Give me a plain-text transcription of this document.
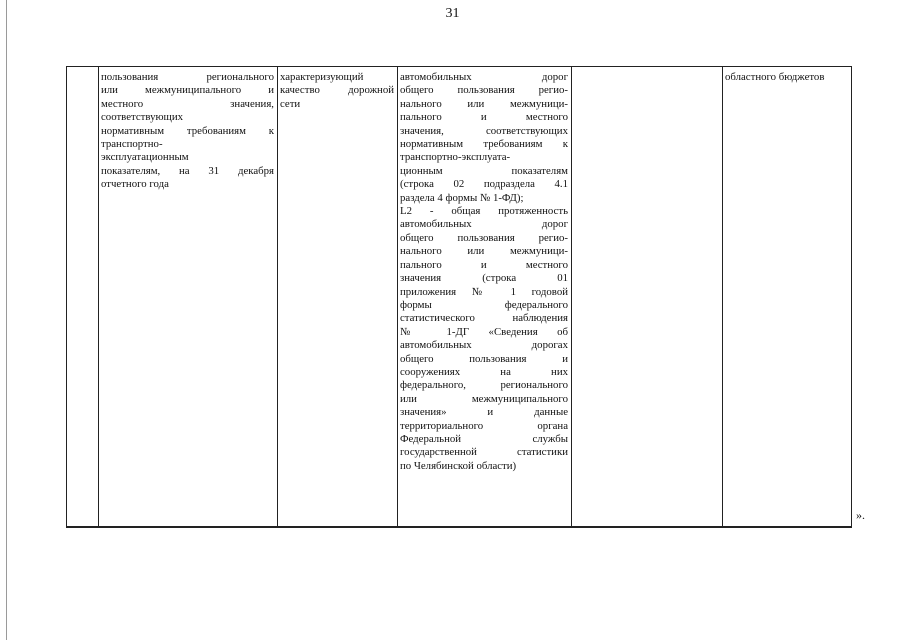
31
пользования регионального
или межмуниципального и
местного значения,
соответствующих
нормативным требованиям к
транспортно-
эксплуатационным
показателям, на 31 декабря
отчетного года
характеризующий
качество дорожной
сети
автомобильных дорог
общего пользования регио-
нального или межмуници-
пального и местного
значения, соответствующих
нормативным требованиям к
транспортно-эксплуата-
ционным показателям
(строка 02 подраздела 4.1
раздела 4 формы № 1-ФД);
L2 - общая протяженность
автомобильных дорог
общего пользования регио-
нального или межмуници-
пального и местного
значения (строка 01
приложения № 1 годовой
формы федерального
статистического наблюдения
№ 1-ДГ «Сведения об
автомобильных дорогах
общего пользования и
сооружениях на них
федерального, регионального
или межмуниципального
значения» и данные
территориального органа
Федеральной службы
государственной статистики
по Челябинской области)
областного бюджетов
».
